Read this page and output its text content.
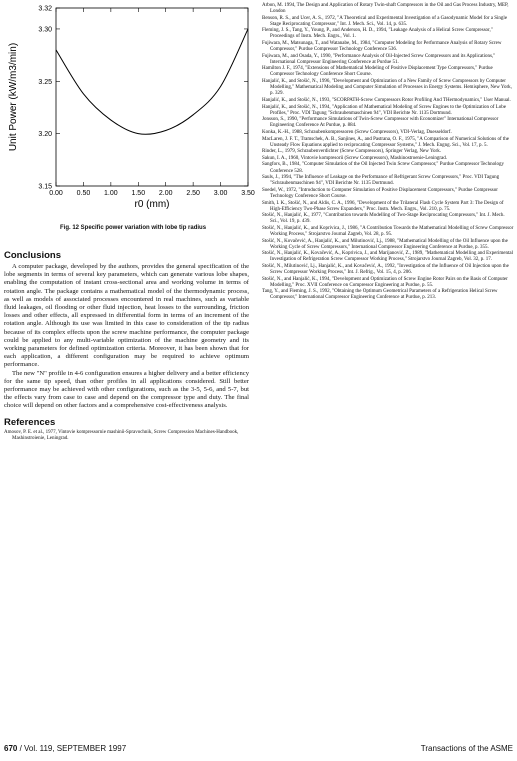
3.15
3.20
3.25
3.30
3.32
0.00 0.50 1.00 1.50 2.00 2.50 3.00 3.50
r0 (mm)
Unit Power (kW/m3/min)
Fig. 12 Specific power variation with lobe tip radius
Conclusions

A computer package, developed by the authors, provides the general specification of the lobe segments in terms of several key parameters, which can generate various lobe shapes, enabling the computation of instant cross-sectional area and working volume in terms of rotation angle. The package contains a mathematical model of the thermodynamic process, as well as models of associated processes encountered in real machines, such as variable fluid leakages, oil flooding or other fluid injection, heat losses to the surrounding, friction losses and other effects, all expressed in differential form in terms of an increment of the rotation angle. Although its use was limited in this case to consideration of the tip radius because of its complex effects upon the screw machine performance, the computer package could be applied to any multi-variable optimization of the machine geometry and its working parameters for defined optimization criteria. Moreover, it has been shown that for each application, a different configuration may be required to achieve optimum performance.

The new "N" profile in 4-6 configuration ensures a higher delivery and a better efficiency for the same tip speed, than other profiles in all applications considered. Still better performance may be achieved with other configurations, such as the 3-5, 5-6, and 5-7, but the effects vary from case to case and depend on the compressor type and duty. The final choice will depend on other factors and a comprehensive cost-effectiveness analysis.

References

Amosov, P. E. et al., 1977, Vintovie kompressornie mashinii-Spravochnik, Screw Compression Machines-Handbook, Mashinstroienie, Leningrad.

Arbon, M. 1994, The Design and Application of Rotary Twin-shaft Compressors in the Oil and Gas Process Industry, MEP, London

Benson, R. S., and Ucer, A. S., 1972, "A Theoretical and Experimental Investigation of a Gasodynamic Model for a Single Stage Reciprocating Compressor," Int. J. Mech. Sci., Vol. 14, p. 635.

Fleming, J. S., Tang, Y., Young, P., and Anderson, H. D., 1994, "Leakage Analysis of a Helical Screw Compressor," Proceedings of Instn. Mech. Engrs., Vol. 1.

Fujiwara, M., Matsunaga, T., and Watanabe, M., 1984, "Computer Modeling for Performance Analysis of Rotary Screw Compressor," Purdue Compressor Technology Conference 536.

Fujiwara, M., and Osada, Y., 1990, "Performance Analysis of Oil-Injected Screw Compressors and its Applications," International Compressor Engineering Conference at Purdue 51.

Hamilton J. F., 1974, "Extensions of Mathematical Modeling of Positive Displacement Type Compressors," Purdue Compressor Technology Conference Short Course.

Hanjalić, K., and Stošić, N., 1996, "Development and Optimization of a New Family of Screw Compressors by Computer Modelling," Mathematical Modeling and Computer Simulation of Processes in Energy Systems. Hemisphere, New York, p. 329.

Hanjalić, K., and Stošić, N., 1993, "SCORPATH-Screw Compressors Rotor Profiling And THermodynamics," User Manual.

Hanjalić, K., and Stošić, N., 1994, "Application of Mathematical Modeling of Screw Engines to the Optimization of Lobe Profiles," Proc. VDI Tagung "Schraubenmaschinen 94", VDI Berichte Nr. 1135 Dortmund.

Jonsson, S., 1990, "Performance Simulations of Twin-Screw Compressor with Economizer" International Compressor Engineering Conference At Purdue, p. 884.

Konka, K.-H., 1988, Schraubenkompressoren (Screw Compressors), VDI-Verlag, Duesseldorf.

MacLaren, J. F. T., Tramschek, A. B., Sanjines, A., and Pastrana, O. F., 1975, "A Comparison of Numerical Solutions of the Unsteady Flow Equations applied to reciprocating Compressor Systems," J. Mech. Engng. Sci., Vol. 17, p. 5.

Rinder, L., 1979, Schraubenverdichter (Screw Compressors), Springer Verlag, New York.

Sakun, I. A., 1960, Vintovie kompresorii (Screw Compressors), Mashinostroenie-Leningrad.

Sangfors, B., 1984, "Computer Simulation of the Oil Injected Twin Screw Compressor," Purdue Compressor Technology Conference 528.

Sauls, J., 1994, "The Influence of Leakage on the Performance of Refrigerant Screw Compressors," Proc. VDI Tagung "Schraubenmaschinen 94", VDI Berichte Nr. 1135 Dortmund.

Soedel, W., 1972, "Introduction to Computer Simulation of Positive Displacement Compressors," Purdue Compressor Technology Conference Short Course.

Smith, I. K., Stošić, N., and Aldis, C. A., 1996, "Development of the Trilateral Flash Cycle System Part 3: The Design of High-Efficiency Two-Phase Screw Expanders," Proc. Instn. Mech. Engrs., Vol. 210, p. 75.

Stošić, N., Hanjalić, K., 1977, "Contribution towards Modelling of Two-Stage Reciprocating Compressors," Int. J. Mech. Sci., Vol. 19, p. 439.

Stošić, N., Hanjalić, K., and Koprivica, J., 1986, "A Contribution Towards the Mathematical Modelling of Screw Compressor Working Process," Strojarstvo Journal Zagreb, Vol. 28, p. 95.

Stošić, N., Kovačević, A., Hanjalić, K., and Milutinović, Lj., 1988, "Mathematical Modelling of the Oil Influence upon the Working Cycle of Screw Compressors," International Compressor Engineering Conference at Purdue, p. 355.

Stošić, N., Hanjalić, K., Kovačević, A., Koprivica, J., and Marijanović, Z., 1989, "Mathematical Modelling and Experimental Investigation of Refrigeration Screw Compressor Working Process," Strojarstvo Journal Zagreb, Vol. 32, p. 17.

Stošić, N., Milutinović, Lj., Hanjalić, K., and Kovačević, A., 1992, "Investigation of the Influence of Oil Injection upon the Screw Compressor Working Process," Int. J. Refrig., Vol. 15, 4, p. 206.

Stošić, N., and Hanjalić, K., 1994, "Development and Optimization of Screw Engine Rotor Pairs on the Basis of Computer Modelling," Proc. XVII Conference on Compressor Engineering at Purdue, p. 55.

Tang, Y., and Fleming, J. S., 1992, "Obtaining the Optimum Geometrical Parameters of a Refrigeration Helical Screw Compressor," International Compressor Engineering Conference at Purdue, p. 213.

670 / Vol. 119, SEPTEMBER 1997	Transactions of the ASME
